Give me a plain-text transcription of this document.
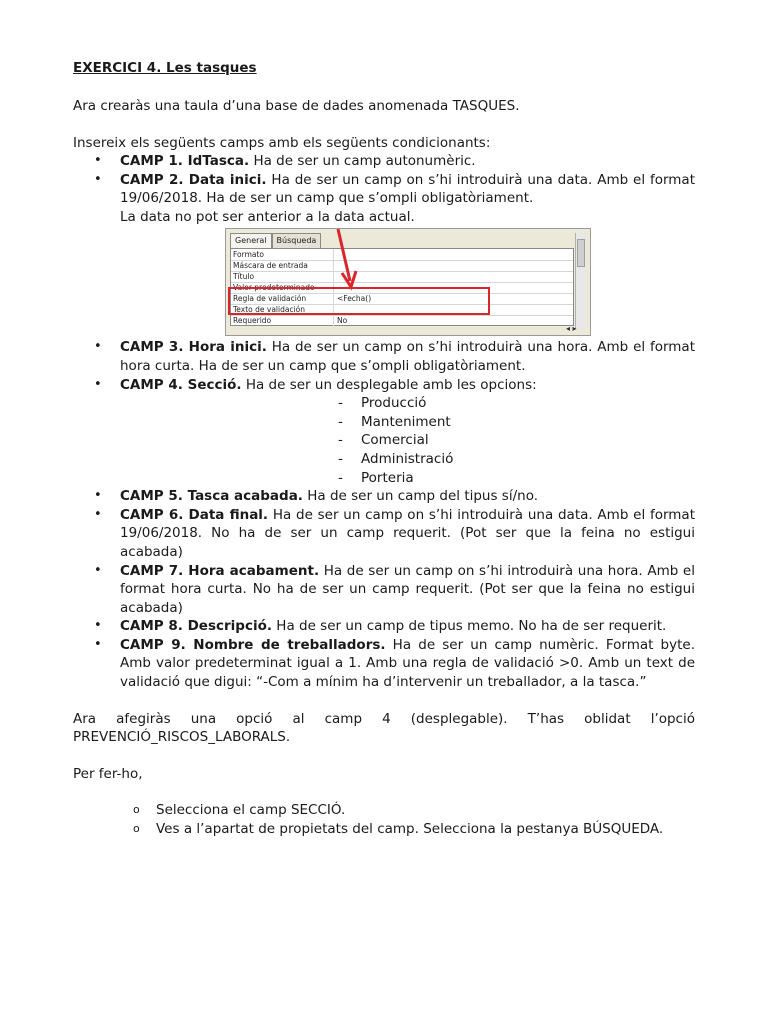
EXERCICI 4. Les tasques
Ara crearàs una taula d’una base de dades anomenada TASQUES.
Insereix els següents camps amb els següents condicionants:
• CAMP 1. IdTasca. Ha de ser un camp autonumèric.
• CAMP 2. Data inici. Ha de ser un camp on s’hi introduirà una data. Amb el format 19/06/2018. Ha de ser un camp que s’ompli obligatòriament.
La data no pot ser anterior a la data actual.
General	Búsqueda
Formato
Máscara de entrada
Título
Valor predeterminado
Regla de validación	<Fecha()
Texto de validación
Requerido	No
◂ ▸
• CAMP 3. Hora inici. Ha de ser un camp on s’hi introduirà una hora. Amb el format hora curta. Ha de ser un camp que s’ompli obligatòriament.
• CAMP 4. Secció. Ha de ser un desplegable amb les opcions:
- Producció
- Manteniment
- Comercial
- Administració
- Porteria
• CAMP 5. Tasca acabada. Ha de ser un camp del tipus sí/no.
• CAMP 6. Data final. Ha de ser un camp on s’hi introduirà una data. Amb el format 19/06/2018. No ha de ser un camp requerit. (Pot ser que la feina no estigui acabada)
• CAMP 7. Hora acabament. Ha de ser un camp on s’hi introduirà una hora. Amb el format hora curta. No ha de ser un camp requerit. (Pot ser que la feina no estigui acabada)
• CAMP 8. Descripció. Ha de ser un camp de tipus memo. No ha de ser requerit.
• CAMP 9. Nombre de treballadors. Ha de ser un camp numèric. Format byte. Amb valor predeterminat igual a 1. Amb una regla de validació >0. Amb un text de validació que digui: “-Com a mínim ha d’intervenir un treballador, a la tasca.”
Ara afegiràs una opció al camp 4 (desplegable). T’has oblidat l’opció PREVENCIÓ_RISCOS_LABORALS.
Per fer-ho,
o Selecciona el camp SECCIÓ.
o Ves a l’apartat de propietats del camp. Selecciona la pestanya BÚSQUEDA.
